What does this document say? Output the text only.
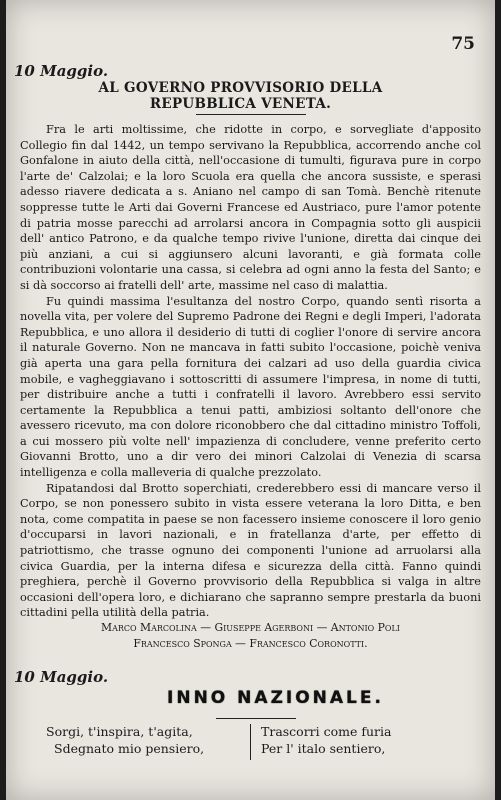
75
10 Maggio.
AL GOVERNO PROVVISORIO DELLA REPUBBLICA VENETA.

Fra le arti moltissime, che ridotte in corpo, e sorvegliate d'apposito Collegio fin dal 1442, un tempo servivano la Repubblica, accorrendo anche col Gonfalone in aiuto della città, nell'occasione di tumulti, figurava pure in corpo l'arte de' Calzolai; e la loro Scuola era quella che ancora sussiste, e sperasi adesso riavere dedicata a s. Aniano nel campo di san Tomà. Benchè ritenute soppresse tutte le Arti dai Governi Francese ed Austriaco, pure l'amor potente di patria mosse parecchi ad arrolarsi ancora in Compagnia sotto gli auspicii dell' antico Patrono, e da qualche tempo rivive l'unione, diretta dai cinque dei più anziani, a cui si aggiunsero alcuni lavoranti, e già formata colle contribuzioni volontarie una cassa, si celebra ad ogni anno la festa del Santo; e si dà soccorso ai fratelli dell' arte, massime nel caso di malattia.

Fu quindi massima l'esultanza del nostro Corpo, quando sentì risorta a novella vita, per volere del Supremo Padrone dei Regni e degli Imperi, l'adorata Repubblica, e uno allora il desiderio di tutti di coglier l'onore di servire ancora il naturale Governo. Non ne mancava in fatti subito l'occasione, poichè veniva già aperta una gara pella fornitura dei calzari ad uso della guardia civica mobile, e vagheggiavano i sottoscritti di assumere l'impresa, in nome di tutti, per distribuire anche a tutti i confratelli il lavoro. Avrebbero essi servito certamente la Repubblica a tenui patti, ambiziosi soltanto dell'onore che avessero ricevuto, ma con dolore riconobbero che dal cittadino ministro Toffoli, a cui mossero più volte nell' impazienza di concludere, venne preferito certo Giovanni Brotto, uno a dir vero dei minori Calzolai di Venezia di scarsa intelligenza e colla malleveria di qualche prezzolato.

Ripatandosi dal Brotto soperchiati, crederebbero essi di mancare verso il Corpo, se non ponessero subito in vista essere veterana la loro Ditta, e ben nota, come compatita in paese se non facessero insieme conoscere il loro genio d'occuparsi in lavori nazionali, e in fratellanza d'arte, per effetto di patriottismo, che trasse ognuno dei componenti l'unione ad arruolarsi alla civica Guardia, per la interna difesa e sicurezza della città. Fanno quindi preghiera, perchè il Governo provvisorio della Repubblica si valga in altre occasioni dell'opera loro, e dichiarano che sapranno sempre prestarla da buoni cittadini pella utilità della patria.

Marco Marcolina — Giuseppe Agerboni — Antonio Poli
Francesco Sponga — Francesco Coronotti.
10 Maggio.
INNO NAZIONALE.
Sorgi, t'inspira, t'agita,
Sdegnato mio pensiero,
Trascorri come furia
Per l' italo sentiero,
